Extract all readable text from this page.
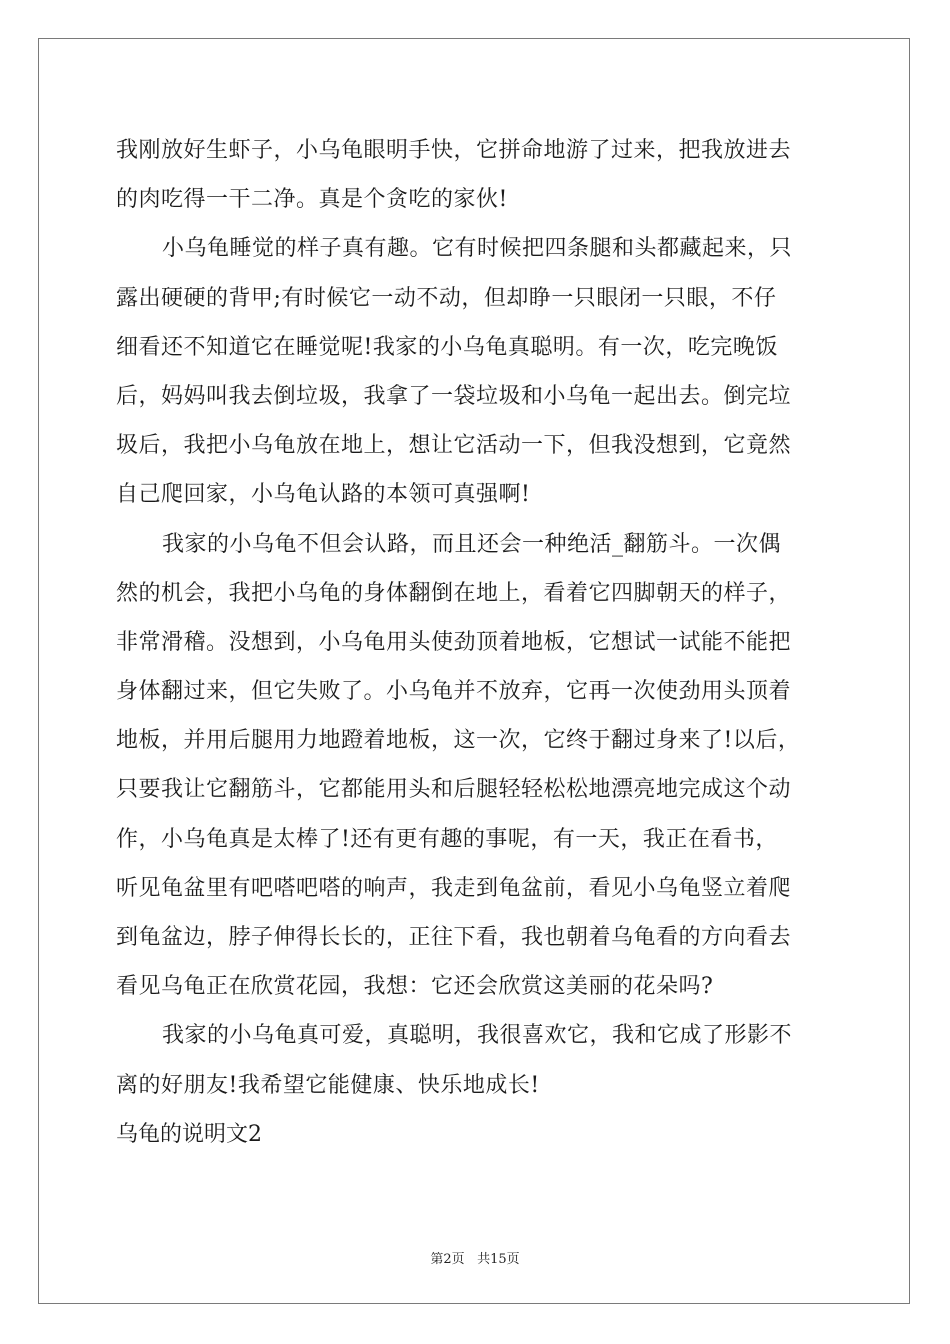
我刚放好生虾子，小乌龟眼明手快，它拼命地游了过来，把我放进去
的肉吃得一干二净。真是个贪吃的家伙!
小乌龟睡觉的样子真有趣。它有时候把四条腿和头都藏起来，只
露出硬硬的背甲;有时候它一动不动，但却睁一只眼闭一只眼，不仔
细看还不知道它在睡觉呢!我家的小乌龟真聪明。有一次，吃完晚饭
后，妈妈叫我去倒垃圾，我拿了一袋垃圾和小乌龟一起出去。倒完垃
圾后，我把小乌龟放在地上，想让它活动一下，但我没想到，它竟然
自己爬回家，小乌龟认路的本领可真强啊!
我家的小乌龟不但会认路，而且还会一种绝活_翻筋斗。一次偶
然的机会，我把小乌龟的身体翻倒在地上，看着它四脚朝天的样子，
非常滑稽。没想到，小乌龟用头使劲顶着地板，它想试一试能不能把
身体翻过来，但它失败了。小乌龟并不放弃，它再一次使劲用头顶着
地板，并用后腿用力地蹬着地板，这一次，它终于翻过身来了!以后，
只要我让它翻筋斗，它都能用头和后腿轻轻松松地漂亮地完成这个动
作，小乌龟真是太棒了!还有更有趣的事呢，有一天，我正在看书，
听见龟盆里有吧嗒吧嗒的响声，我走到龟盆前，看见小乌龟竖立着爬
到龟盆边，脖子伸得长长的，正往下看，我也朝着乌龟看的方向看去
看见乌龟正在欣赏花园，我想：它还会欣赏这美丽的花朵吗?
我家的小乌龟真可爱，真聪明，我很喜欢它，我和它成了形影不
离的好朋友!我希望它能健康、快乐地成长!
乌龟的说明文2
第2页 共15页
